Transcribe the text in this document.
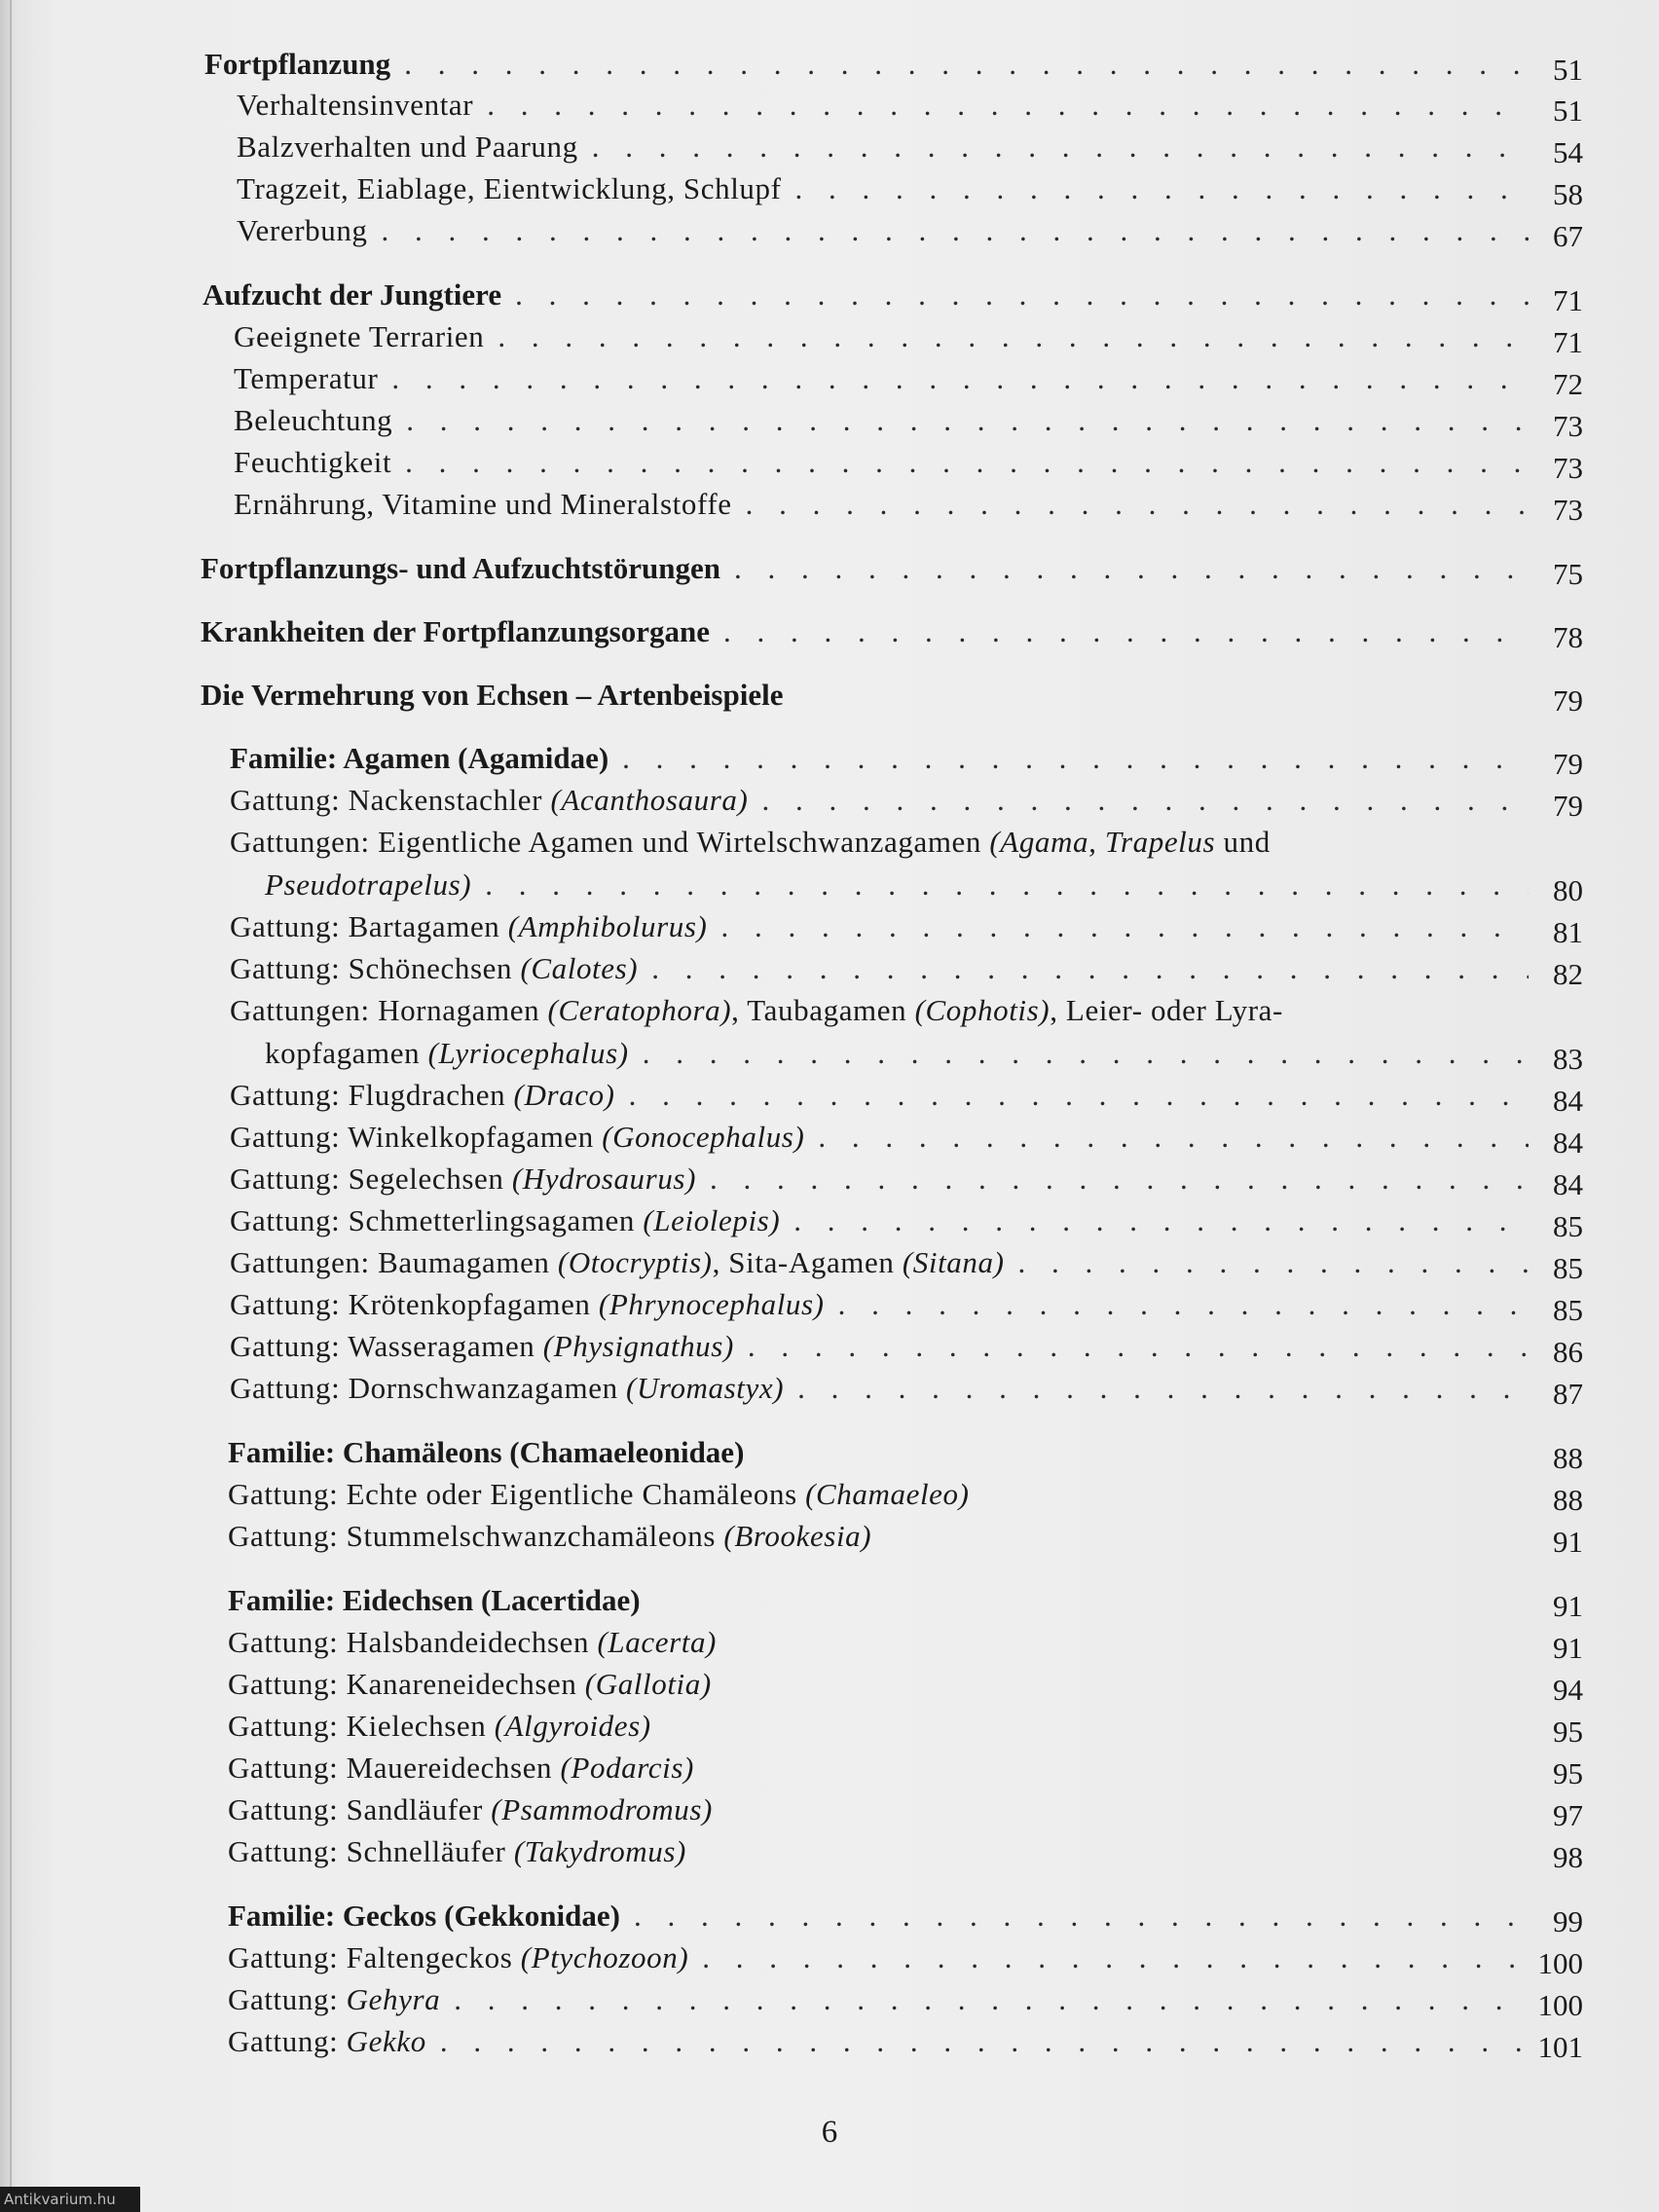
Fortpflanzung . . .	51
Verhaltensinventar . . .	51
Balzverhalten und Paarung . . .	54
Tragzeit, Eiablage, Eientwicklung, Schlupf . . .	58
Vererbung . . .	67
Aufzucht der Jungtiere . . .	71
Geeignete Terrarien . . .	71
Temperatur . . .	72
Beleuchtung . . .	73
Feuchtigkeit . . .	73
Ernährung, Vitamine und Mineralstoffe . . .	73
Fortpflanzungs- und Aufzuchtstörungen . . .	75
Krankheiten der Fortpflanzungsorgane . . .	78
Die Vermehrung von Echsen – Artenbeispiele	79
Familie: Agamen (Agamidae) . . .	79
Gattung: Nackenstachler (Acanthosaura) . . .	79
Gattungen: Eigentliche Agamen und Wirtelschwanzagamen (Agama, Trapelus und
Pseudotrapelus) . . .	80
Gattung: Bartagamen (Amphibolurus) . . .	81
Gattung: Schönechsen (Calotes) . . .	82
Gattungen: Hornagamen (Ceratophora), Taubagamen (Cophotis), Leier- oder Lyra-
kopfagamen (Lyriocephalus) . . .	83
Gattung: Flugdrachen (Draco) . . .	84
Gattung: Winkelkopfagamen (Gonocephalus) . . .	84
Gattung: Segelechsen (Hydrosaurus) . . .	84
Gattung: Schmetterlingsagamen (Leiolepis) . . .	85
Gattungen: Baumagamen (Otocryptis), Sita-Agamen (Sitana) . . .	85
Gattung: Krötenkopfagamen (Phrynocephalus) . . .	85
Gattung: Wasseragamen (Physignathus) . . .	86
Gattung: Dornschwanzagamen (Uromastyx) . . .	87
Familie: Chamäleons (Chamaeleonidae)	88
Gattung: Echte oder Eigentliche Chamäleons (Chamaeleo)	88
Gattung: Stummelschwanzchamäleons (Brookesia)	91
Familie: Eidechsen (Lacertidae)	91
Gattung: Halsbandeidechsen (Lacerta)	91
Gattung: Kanareneidechsen (Gallotia)	94
Gattung: Kielechsen (Algyroides)	95
Gattung: Mauereidechsen (Podarcis)	95
Gattung: Sandläufer (Psammodromus)	97
Gattung: Schnelläufer (Takydromus)	98
Familie: Geckos (Gekkonidae) . . .	99
Gattung: Faltengeckos (Ptychozoon) . . .	100
Gattung: Gehyra . . .	100
Gattung: Gekko . . .	101
6
Antikvarium.hu
